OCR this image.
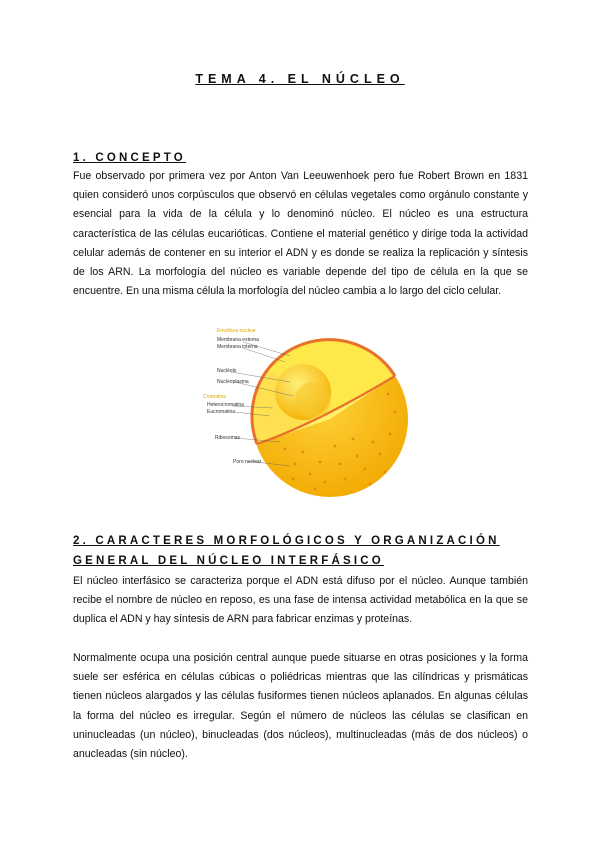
TEMA 4. EL NÚCLEO
1. CONCEPTO

Fue observado por primera vez por Anton Van Leeuwenhoek pero fue Robert Brown en 1831 quien consideró unos corpúsculos que observó en células vegetales como orgánulo constante y esencial para la vida de la célula y lo denominó núcleo. El núcleo es una estructura característica de las células eucarióticas. Contiene el material genético y dirige toda la actividad celular además de contener en su interior el ADN y es donde se realiza la replicación y síntesis de los ARN. La morfología del núcleo es variable depende del tipo de célula en la que se encuentre. En una misma célula la morfología del núcleo cambia a lo largo del ciclo celular.

Envoltura nuclear
Membrana externa
Membrana interna
Nucléolo
Nucleoplasma
Cromatina
Heterocromatina
Eucromatina
Ribosomas
Poro nuclear
2. CARACTERES MORFOLÓGICOS Y ORGANIZACIÓN
GENERAL DEL NÚCLEO INTERFÁSICO

El núcleo interfásico se caracteriza porque el ADN está difuso por el núcleo. Aunque también recibe el nombre de núcleo en reposo, es una fase de intensa actividad metabólica en la que se duplica el ADN y hay síntesis de ARN para fabricar enzimas y proteínas.

Normalmente ocupa una posición central aunque puede situarse en otras posiciones y la forma suele ser esférica en células cúbicas o poliédricas mientras que las cilíndricas y prismáticas tienen núcleos alargados y las células fusiformes tienen núcleos aplanados. En algunas células la forma del núcleo es irregular. Según el número de núcleos las células se clasifican en uninucleadas (un núcleo), binucleadas (dos núcleos), multinucleadas (más de dos núcleos) o anucleadas (sin núcleo).
